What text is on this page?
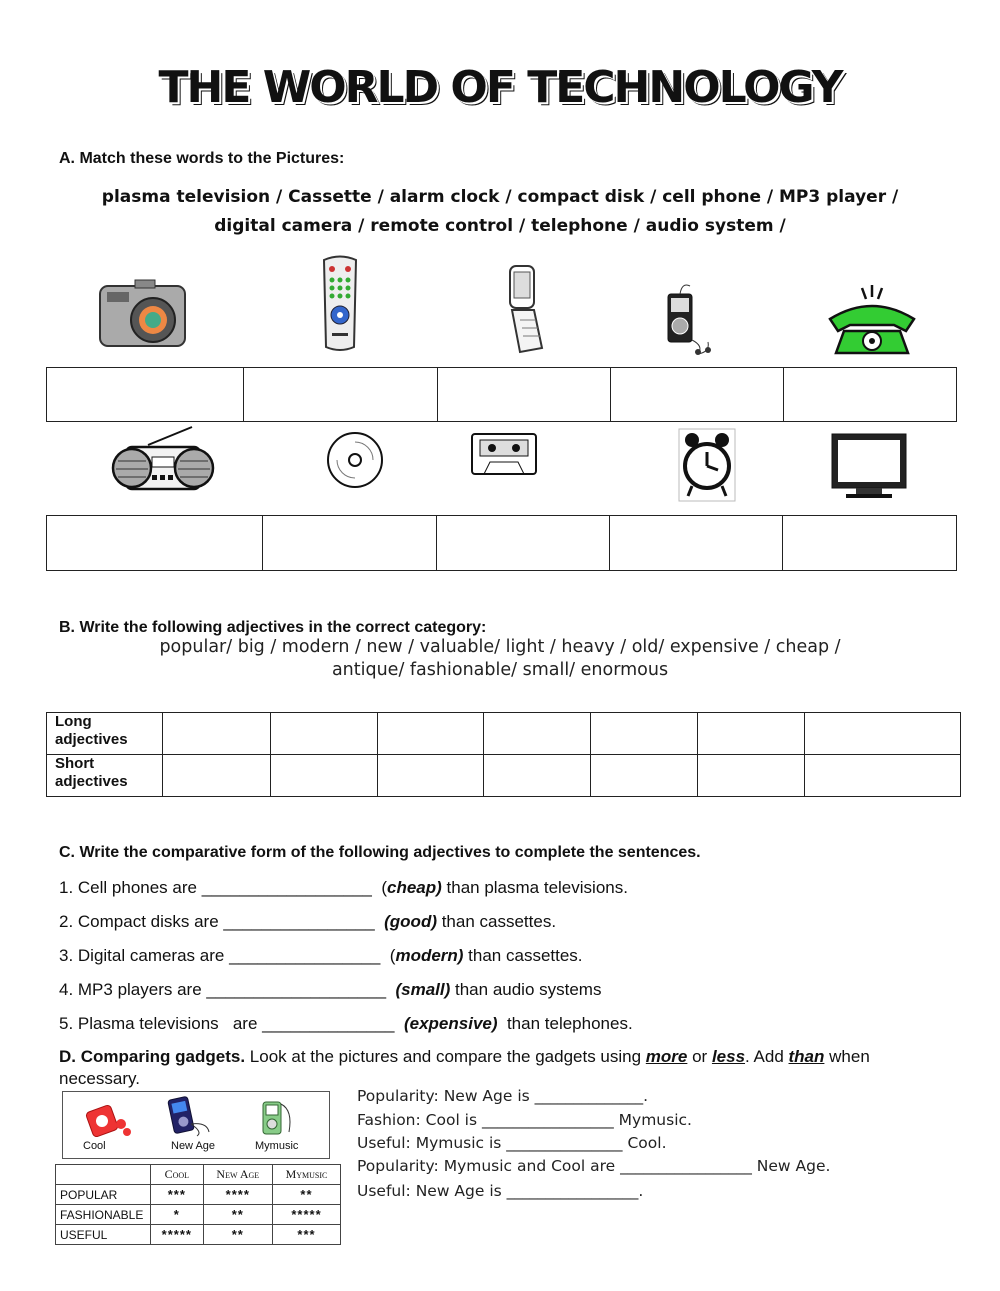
THE WORLD OF TECHNOLOGY
A. Match these words to the Pictures:
plasma television / Cassette / alarm clock / compact disk / cell phone / MP3 player /
digital camera / remote control / telephone / audio system /

B. Write the following adjectives in the correct category:
popular/ big / modern / new / valuable/ light / heavy / old/ expensive / cheap /
antique/ fashionable/ small/ enormous
Long adjectives							
Short adjectives							
C. Write the comparative form of the following adjectives to complete the sentences.
1. Cell phones are __________________  (cheap) than plasma televisions.
2. Compact disks are ________________  (good) than cassettes.
3. Digital cameras are ________________  (modern) than cassettes.
4. MP3 players are ___________________  (small) than audio systems
5. Plasma televisions   are ______________  (expensive)  than telephones.
D. Comparing gadgets. Look at the pictures and compare the gadgets using more or less. Add than when
necessary.
Cool	New Age	Mymusic
	Cool	New Age	Mymusic
POPULAR	***	****	**
FASHIONABLE	*	**	*****
USEFUL	*****	**	***
Popularity: New Age is ______________.
Fashion: Cool is _________________ Mymusic.
Useful: Mymusic is _______________ Cool.
Popularity: Mymusic and Cool are _________________ New Age.
Useful: New Age is _________________.
